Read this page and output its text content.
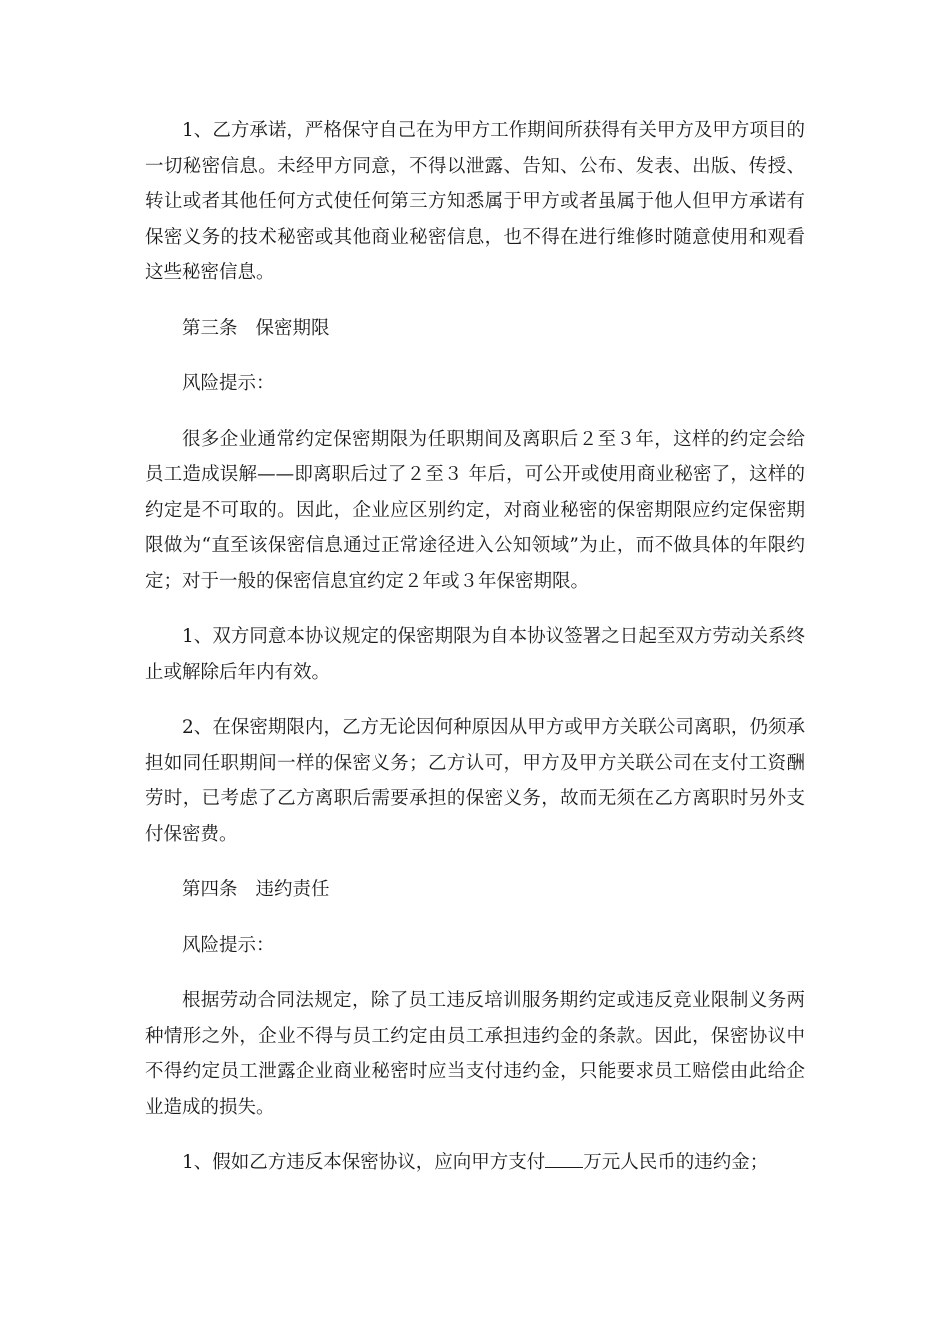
1、乙方承诺，严格保守自己在为甲方工作期间所获得有关甲方及甲方项目的一切秘密信息。未经甲方同意，不得以泄露、告知、公布、发表、出版、传授、转让或者其他任何方式使任何第三方知悉属于甲方或者虽属于他人但甲方承诺有保密义务的技术秘密或其他商业秘密信息，也不得在进行维修时随意使用和观看这些秘密信息。

第三条 保密期限

风险提示：

很多企业通常约定保密期限为任职期间及离职后２至３年，这样的约定会给员工造成误解——即离职后过了２至３ 年后，可公开或使用商业秘密了，这样的约定是不可取的。因此，企业应区别约定，对商业秘密的保密期限应约定保密期限做为“直至该保密信息通过正常途径进入公知领域”为止，而不做具体的年限约定；对于一般的保密信息宜约定２年或３年保密期限。

1、双方同意本协议规定的保密期限为自本协议签署之日起至双方劳动关系终止或解除后年内有效。

2、在保密期限内，乙方无论因何种原因从甲方或甲方关联公司离职，仍须承担如同任职期间一样的保密义务；乙方认可，甲方及甲方关联公司在支付工资酬劳时，已考虑了乙方离职后需要承担的保密义务，故而无须在乙方离职时另外支付保密费。

第四条 违约责任

风险提示：

根据劳动合同法规定，除了员工违反培训服务期约定或违反竞业限制义务两种情形之外，企业不得与员工约定由员工承担违约金的条款。因此，保密协议中不得约定员工泄露企业商业秘密时应当支付违约金，只能要求员工赔偿由此给企业造成的损失。

1、假如乙方违反本保密协议，应向甲方支付 万元人民币的违约金；
